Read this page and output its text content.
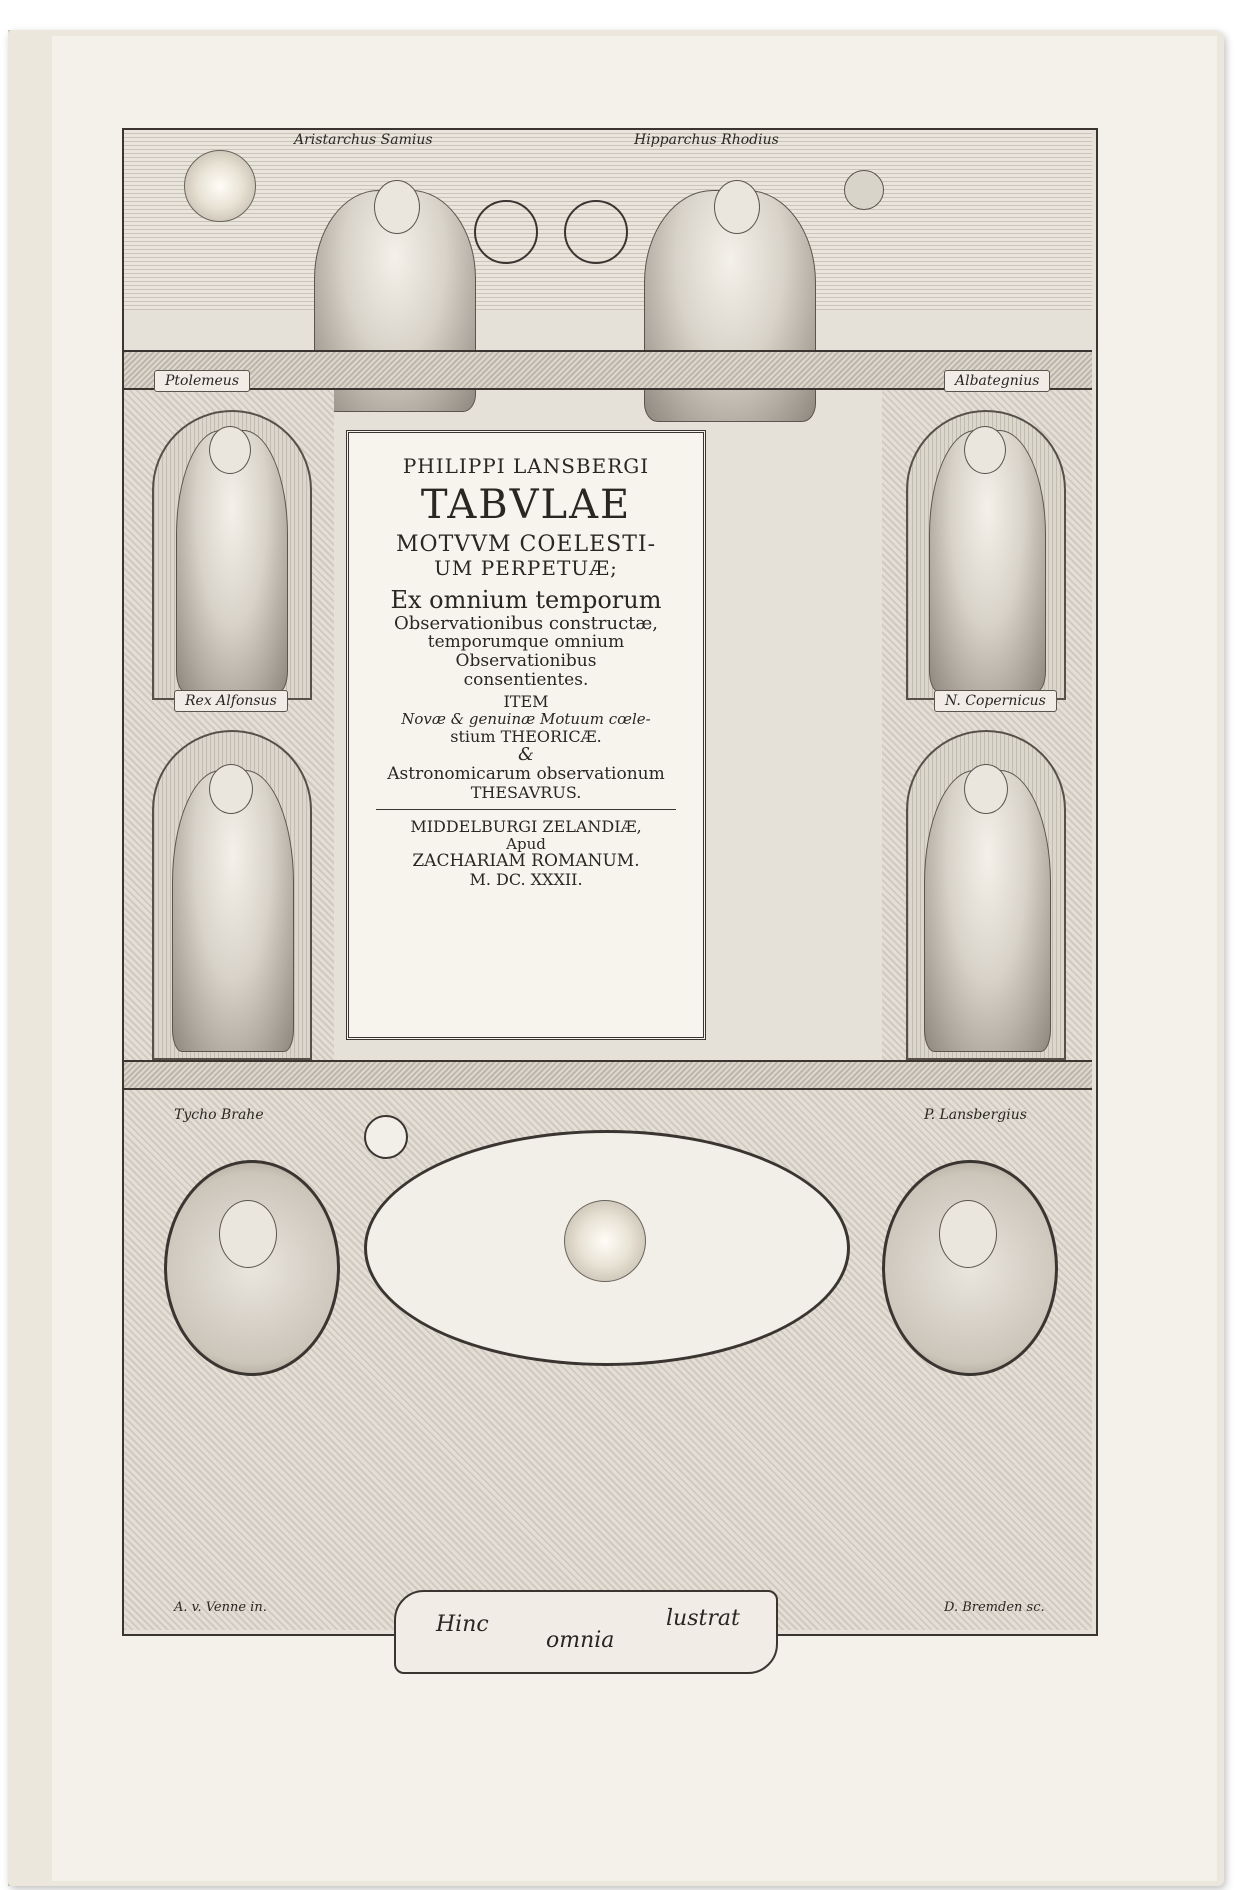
Aristarchus Samius	Hipparchus Rhodius
Ptolemeus
Rex Alfonsus
Albategnius
N. Copernicus
PHILIPPI LANSBERGI
TABVLAE
MOTVVM COELESTI-
UM PERPETUÆ;
Ex omnium temporum
Observationibus constructæ,
temporumque omnium
Observationibus
consentientes.
ITEM
Novæ & genuinæ Motuum cœle-
stium THEORICÆ.
&
Astronomicarum observationum
THESAVRUS.
MIDDELBURGI ZELANDIÆ,
Apud
ZACHARIAM ROMANUM.
M. DC. XXXII.
Tycho Brahe	P. Lansbergius
Hinc
omnia
lustrat
A. v. Venne in.	D. Bremden sc.
